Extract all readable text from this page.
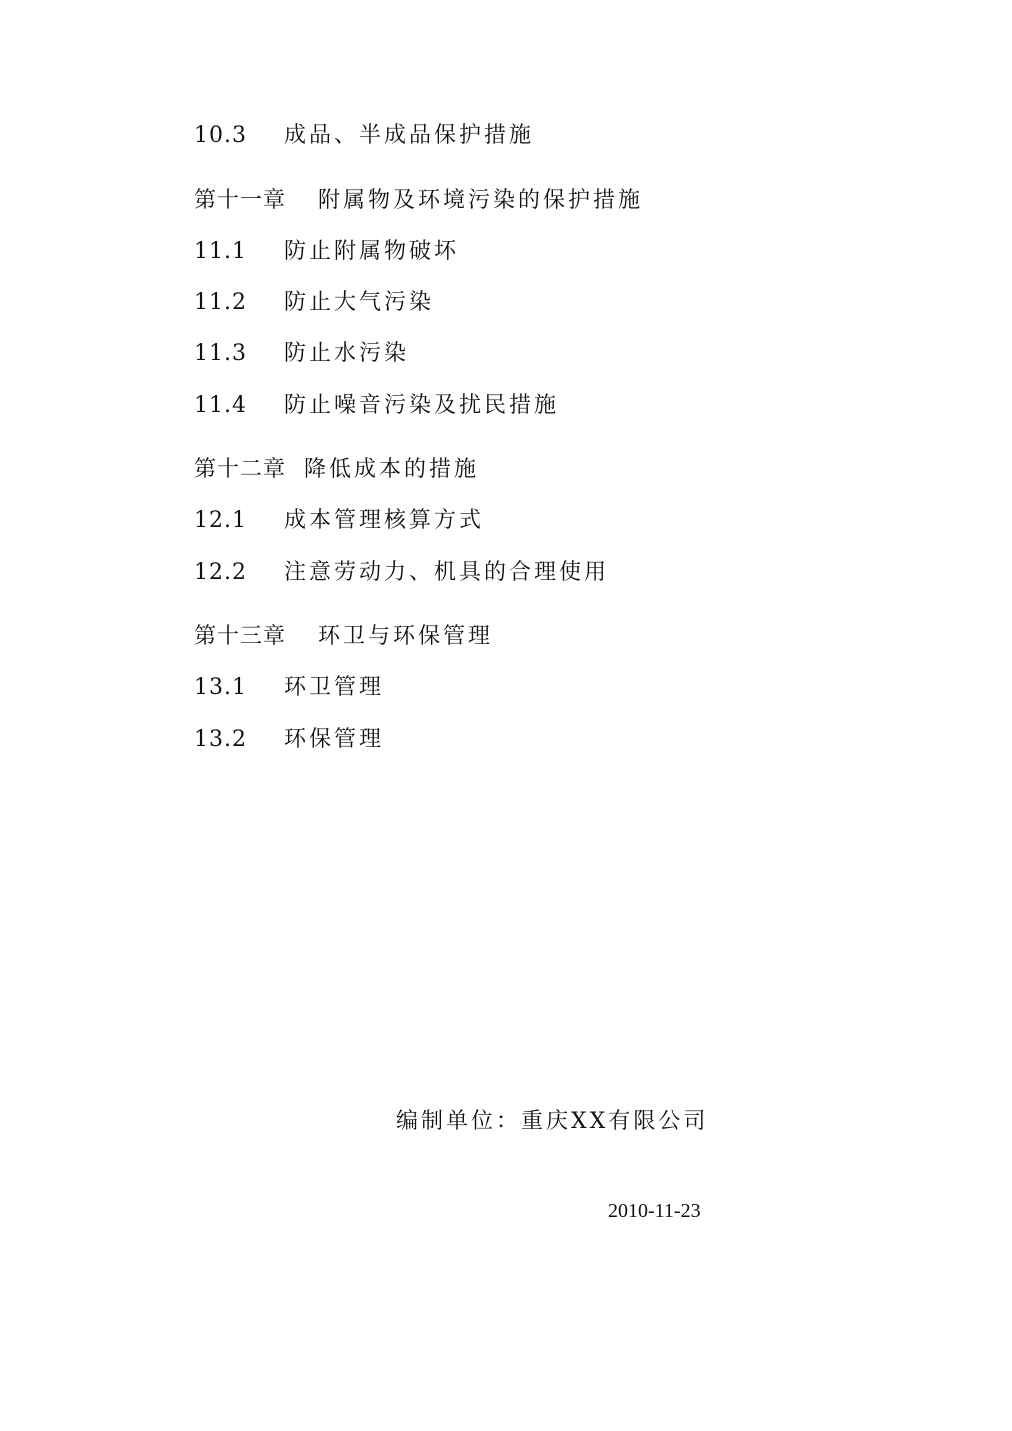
10.3 成品、半成品保护措施
第十一章 附属物及环境污染的保护措施
11.1 防止附属物破坏
11.2 防止大气污染
11.3 防止水污染
11.4 防止噪音污染及扰民措施
第十二章 降低成本的措施
12.1 成本管理核算方式
12.2 注意劳动力、机具的合理使用
第十三章 环卫与环保管理
13.1 环卫管理
13.2 环保管理
编制单位：重庆XX有限公司
2010-11-23
